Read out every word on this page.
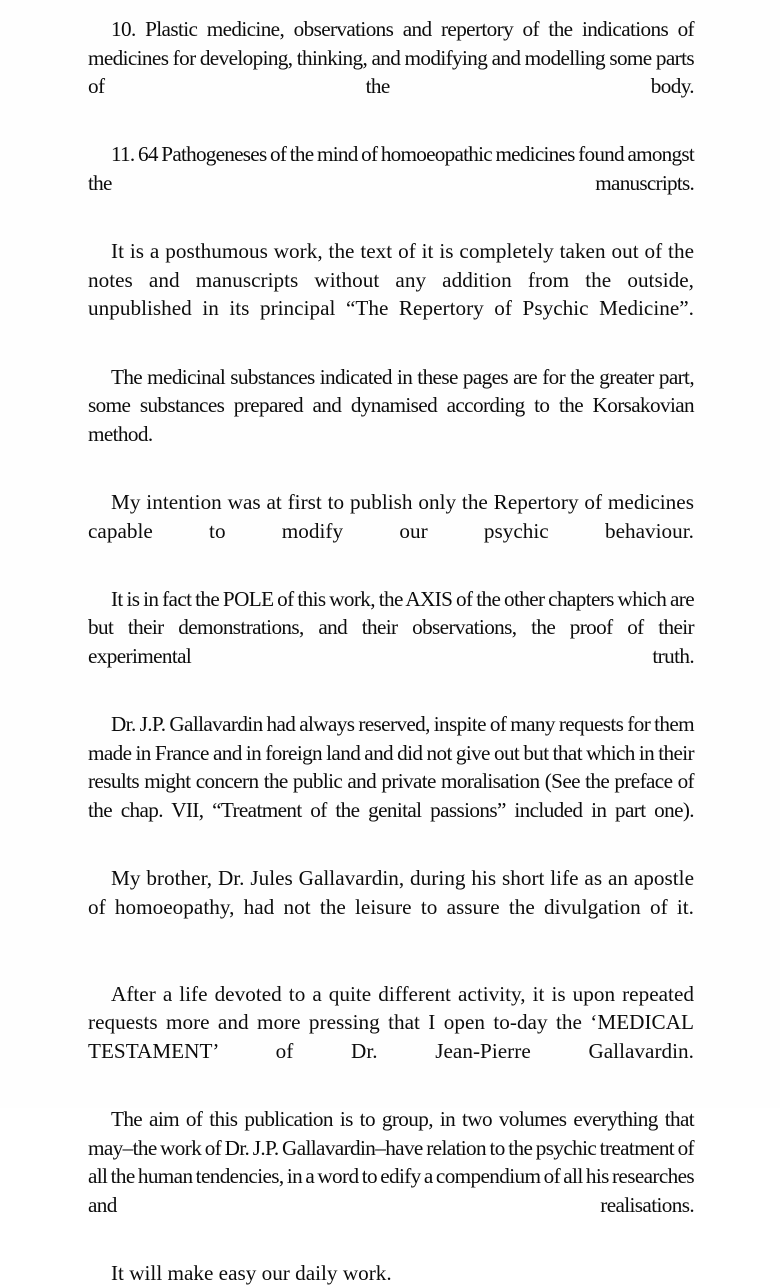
10. Plastic medicine, observations and repertory of the indications of medicines for developing, thinking, and modifying and modelling some parts of the body.

11. 64 Pathogeneses of the mind of homoeopathic medicines found amongst the manuscripts.

It is a posthumous work, the text of it is completely taken out of the notes and manuscripts without any addition from the outside, unpublished in its principal “The Repertory of Psychic Medicine”.

The medicinal substances indicated in these pages are for the greater part, some substances prepared and dynamised according to the Korsakovian method.

My intention was at first to publish only the Repertory of medicines capable to modify our psychic behaviour.

It is in fact the POLE of this work, the AXIS of the other chapters which are but their demonstrations, and their observations, the proof of their experimental truth.

Dr. J.P. Gallavardin had always reserved, inspite of many requests for them made in France and in foreign land and did not give out but that which in their results might concern the public and private moralisation (See the preface of the chap. VII, “Treatment of the genital passions” included in part one).

My brother, Dr. Jules Gallavardin, during his short life as an apostle of homoeopathy, had not the leisure to assure the divulgation of it.

After a life devoted to a quite different activity, it is upon repeated requests more and more pressing that I open to-day the ‘MEDICAL TESTAMENT’ of Dr. Jean-Pierre Gallavardin.

The aim of this publication is to group, in two volumes everything that may–the work of Dr. J.P. Gallavardin–have relation to the psychic treatment of all the human tendencies, in a word to edify a compendium of all his researches and realisations.

It will make easy our daily work.
